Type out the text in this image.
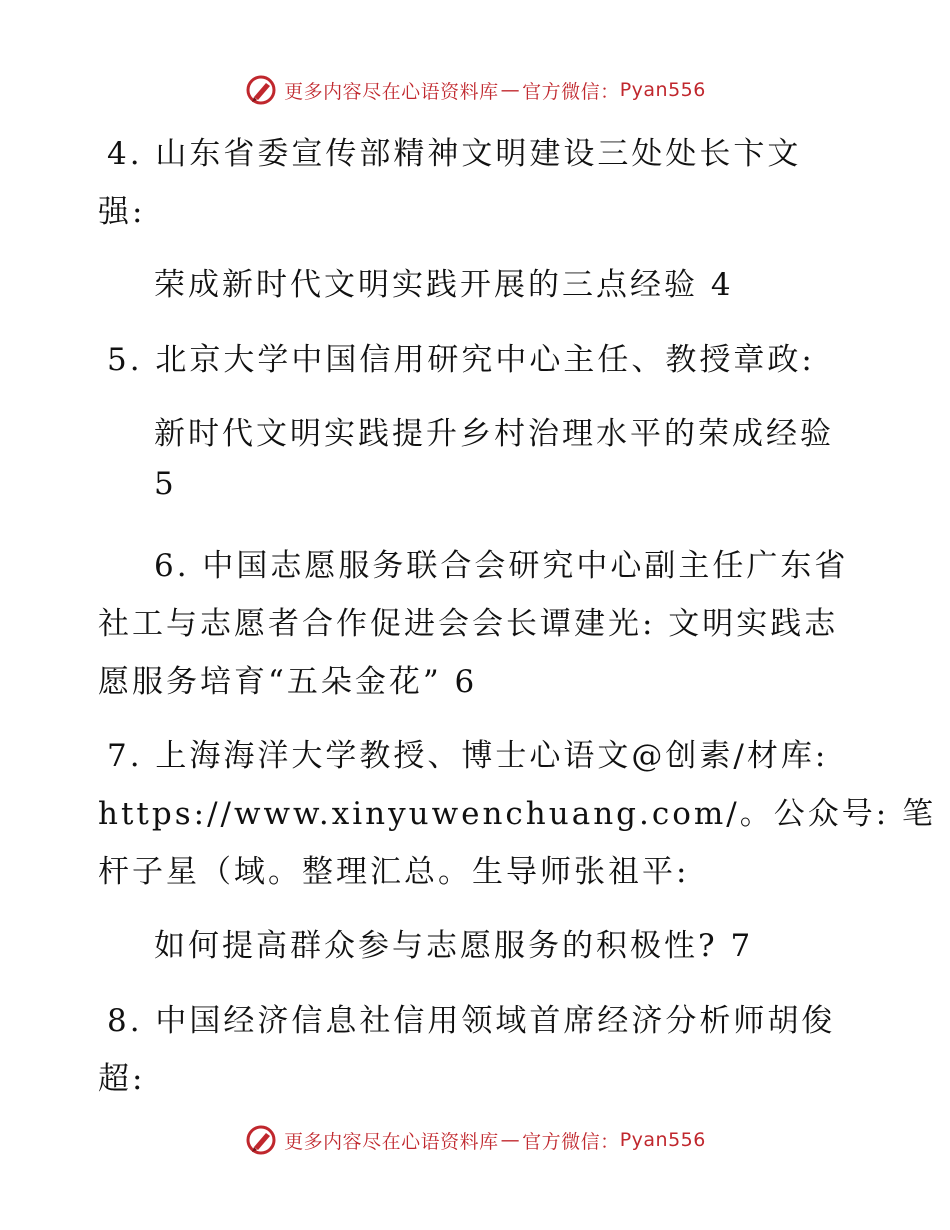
更多内容尽在心语资料库 — 官方微信： Pyan556
4. 山东省委宣传部精神文明建设三处处长卞文
强:
荣成新时代文明实践开展的三点经验 4
5. 北京大学中国信用研究中心主任、教授章政:
新时代文明实践提升乡村治理水平的荣成经验
5
6. 中国志愿服务联合会研究中心副主任广东省
社工与志愿者合作促进会会长谭建光: 文明实践志
愿服务培育“五朵金花” 6
7. 上海海洋大学教授、博士心语文@创素/材库:
https://www.xinyuwenchuang.com/。公众号: 笔
杆子星（域。整理汇总。生导师张祖平:
如何提高群众参与志愿服务的积极性? 7
8. 中国经济信息社信用领域首席经济分析师胡俊
超:
更多内容尽在心语资料库 — 官方微信： Pyan556
